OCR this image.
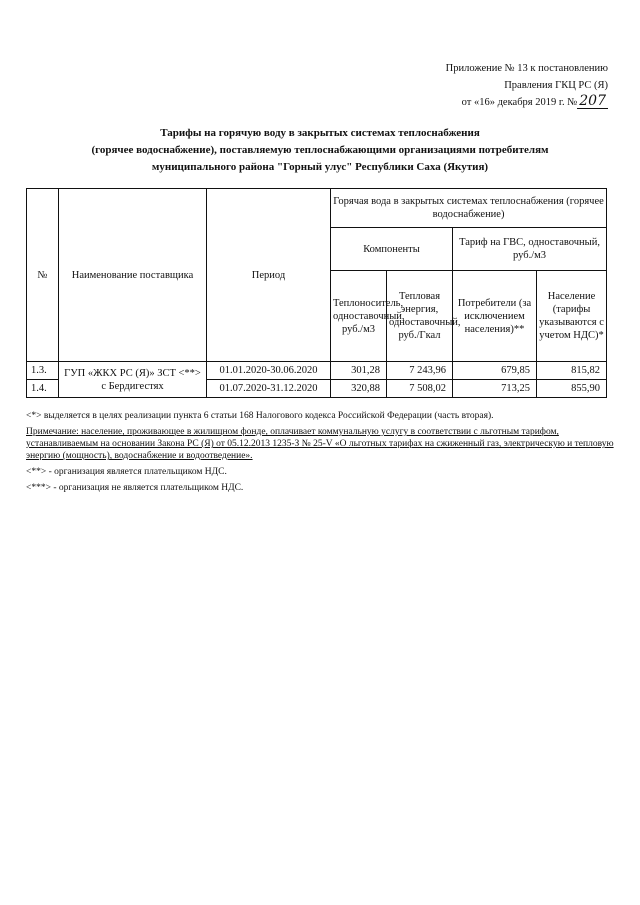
Приложение № 13 к постановлению
Правления ГКЦ РС (Я)
от «16» декабря 2019 г. № 207
Тарифы на горячую воду в закрытых системах теплоснабжения
(горячее водоснабжение), поставляемую теплоснабжающими организациями потребителям
муниципального района "Горный улус" Республики Саха (Якутия)
№	Наименование поставщика	Период	Горячая вода в закрытых системах теплоснабжения (горячее водоснабжение)			
			Компоненты		Тариф на ГВС, одноставочный, руб./м3	
			Теплоноситель, одноставочный, руб./м3	Тепловая энергия, одноставочный, руб./Гкал	Потребители (за исключением населения)**	Население (тарифы указываются с учетом НДС)*
1.3.	ГУП «ЖКХ РС (Я)» ЗСТ <**> с Бердигестях	01.01.2020-30.06.2020	301,28	7 243,96	679,85	815,82
1.4.		01.07.2020-31.12.2020	320,88	7 508,02	713,25	855,90

<*> выделяется в целях реализации пункта 6 статьи 168 Налогового кодекса Российской Федерации (часть вторая).

Примечание: население, проживающее в жилищном фонде, оплачивает коммунальную услугу в соответствии с льготным тарифом, устанавливаемым на основании Закона РС (Я) от 05.12.2013 1235-З № 25-V «О льготных тарифах на сжиженный газ, электрическую и тепловую энергию (мощность), водоснабжение и водоотведение».

<**> - организация является плательщиком НДС.

<***> - организация не является плательщиком НДС.
